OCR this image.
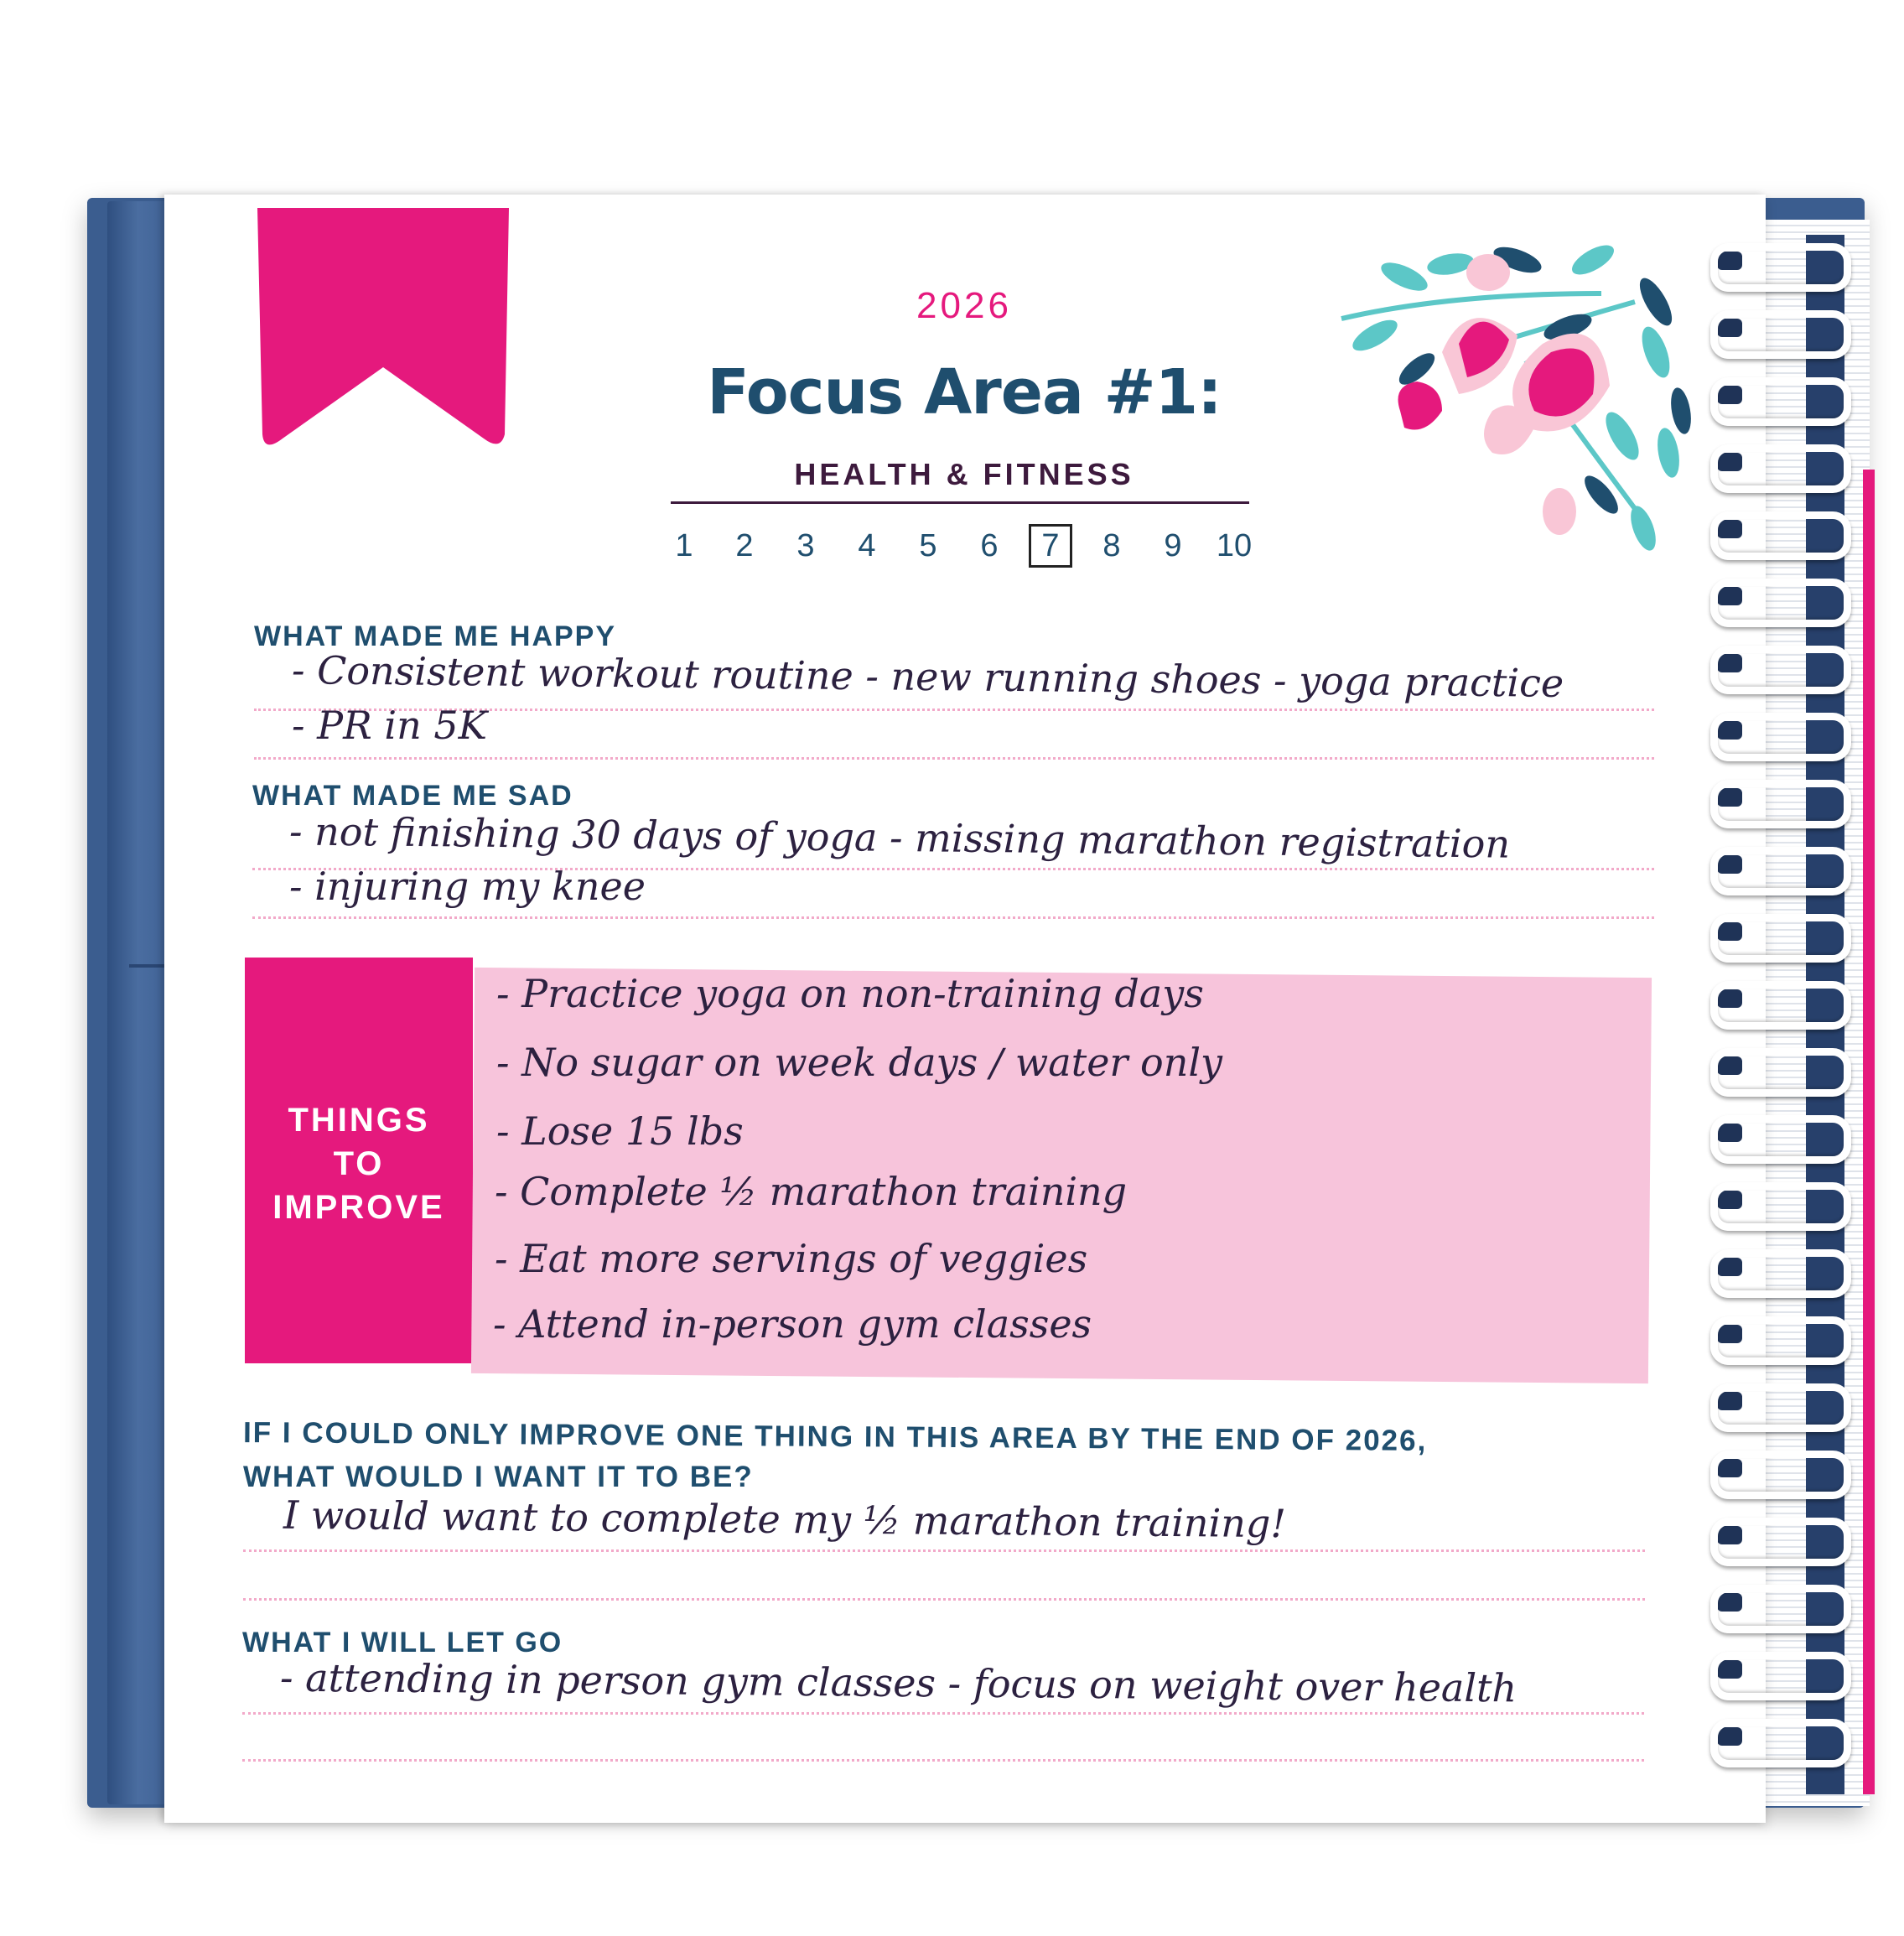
2026
Focus Area #1:
HEALTH & FITNESS
1	2	3	4	5	6	7	8	9	10
WHAT MADE ME HAPPY
- Consistent workout routine - new running shoes - yoga practice
- PR in 5K
WHAT MADE ME SAD
- not finishing 30 days of yoga - missing marathon registration
- injuring my knee
THINGS
TO
IMPROVE
- Practice yoga on non-training days
- No sugar on week days / water only
- Lose 15 lbs
- Complete ½ marathon training
- Eat more servings of veggies
- Attend in-person gym classes
IF I COULD ONLY IMPROVE ONE THING IN THIS AREA BY THE END OF 2026,
WHAT WOULD I WANT IT TO BE?
I would want to complete my ½ marathon training!
WHAT I WILL LET GO
- attending in person gym classes - focus on weight over health
